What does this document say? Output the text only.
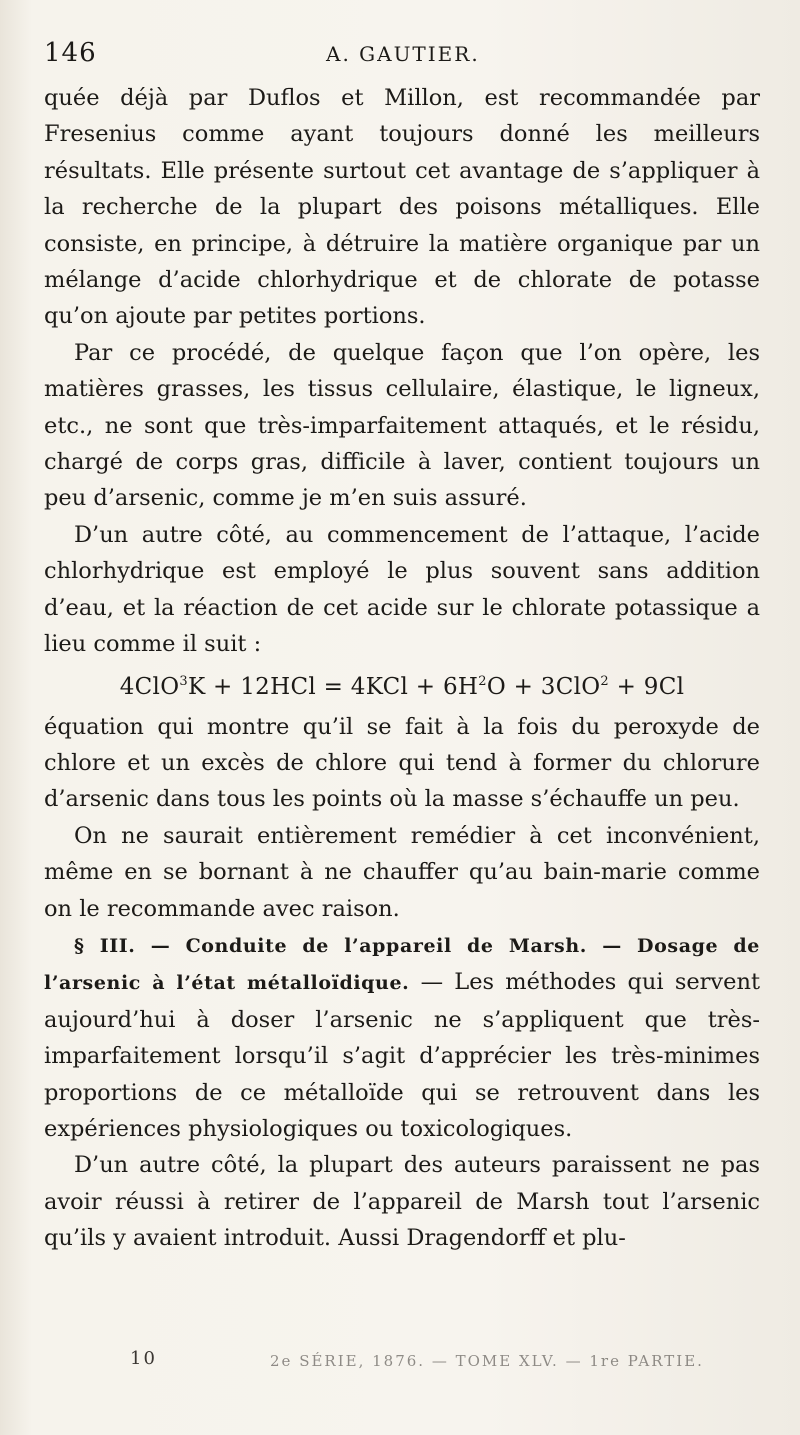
146	A. GAUTIER.

quée déjà par Duflos et Millon, est recommandée par Fresenius comme ayant toujours donné les meilleurs résultats. Elle présente surtout cet avantage de s’appliquer à la recherche de la plupart des poisons métalliques. Elle consiste, en principe, à détruire la matière organique par un mélange d’acide chlorhydrique et de chlorate de potasse qu’on ajoute par petites portions.

Par ce procédé, de quelque façon que l’on opère, les matières grasses, les tissus cellulaire, élastique, le ligneux, etc., ne sont que très-imparfaitement attaqués, et le résidu, chargé de corps gras, difficile à laver, contient toujours un peu d’arsenic, comme je m’en suis assuré.

D’un autre côté, au commencement de l’attaque, l’acide chlorhydrique est employé le plus souvent sans addition d’eau, et la réaction de cet acide sur le chlorate potassique a lieu comme il suit :

$4ClO^3K + 12HCl = 4KCl + 6H^2O + 3ClO^2 + 9Cl$

équation qui montre qu’il se fait à la fois du peroxyde de chlore et un excès de chlore qui tend à former du chlorure d’arsenic dans tous les points où la masse s’échauffe un peu.

On ne saurait entièrement remédier à cet inconvénient, même en se bornant à ne chauffer qu’au bain-marie comme on le recommande avec raison.

§ III. — Conduite de l’appareil de Marsh. — Dosage de l’arsenic à l’état métalloïdique. — Les méthodes qui servent aujourd’hui à doser l’arsenic ne s’appliquent que très-imparfaitement lorsqu’il s’agit d’apprécier les très-minimes proportions de ce métalloïde qui se retrouvent dans les expériences physiologiques ou toxicologiques.

D’un autre côté, la plupart des auteurs paraissent ne pas avoir réussi à retirer de l’appareil de Marsh tout l’arsenic qu’ils y avaient introduit. Aussi Dragendorff et plu-

10	2e SÉRIE, 1876. — TOME XLV. — 1re PARTIE.
